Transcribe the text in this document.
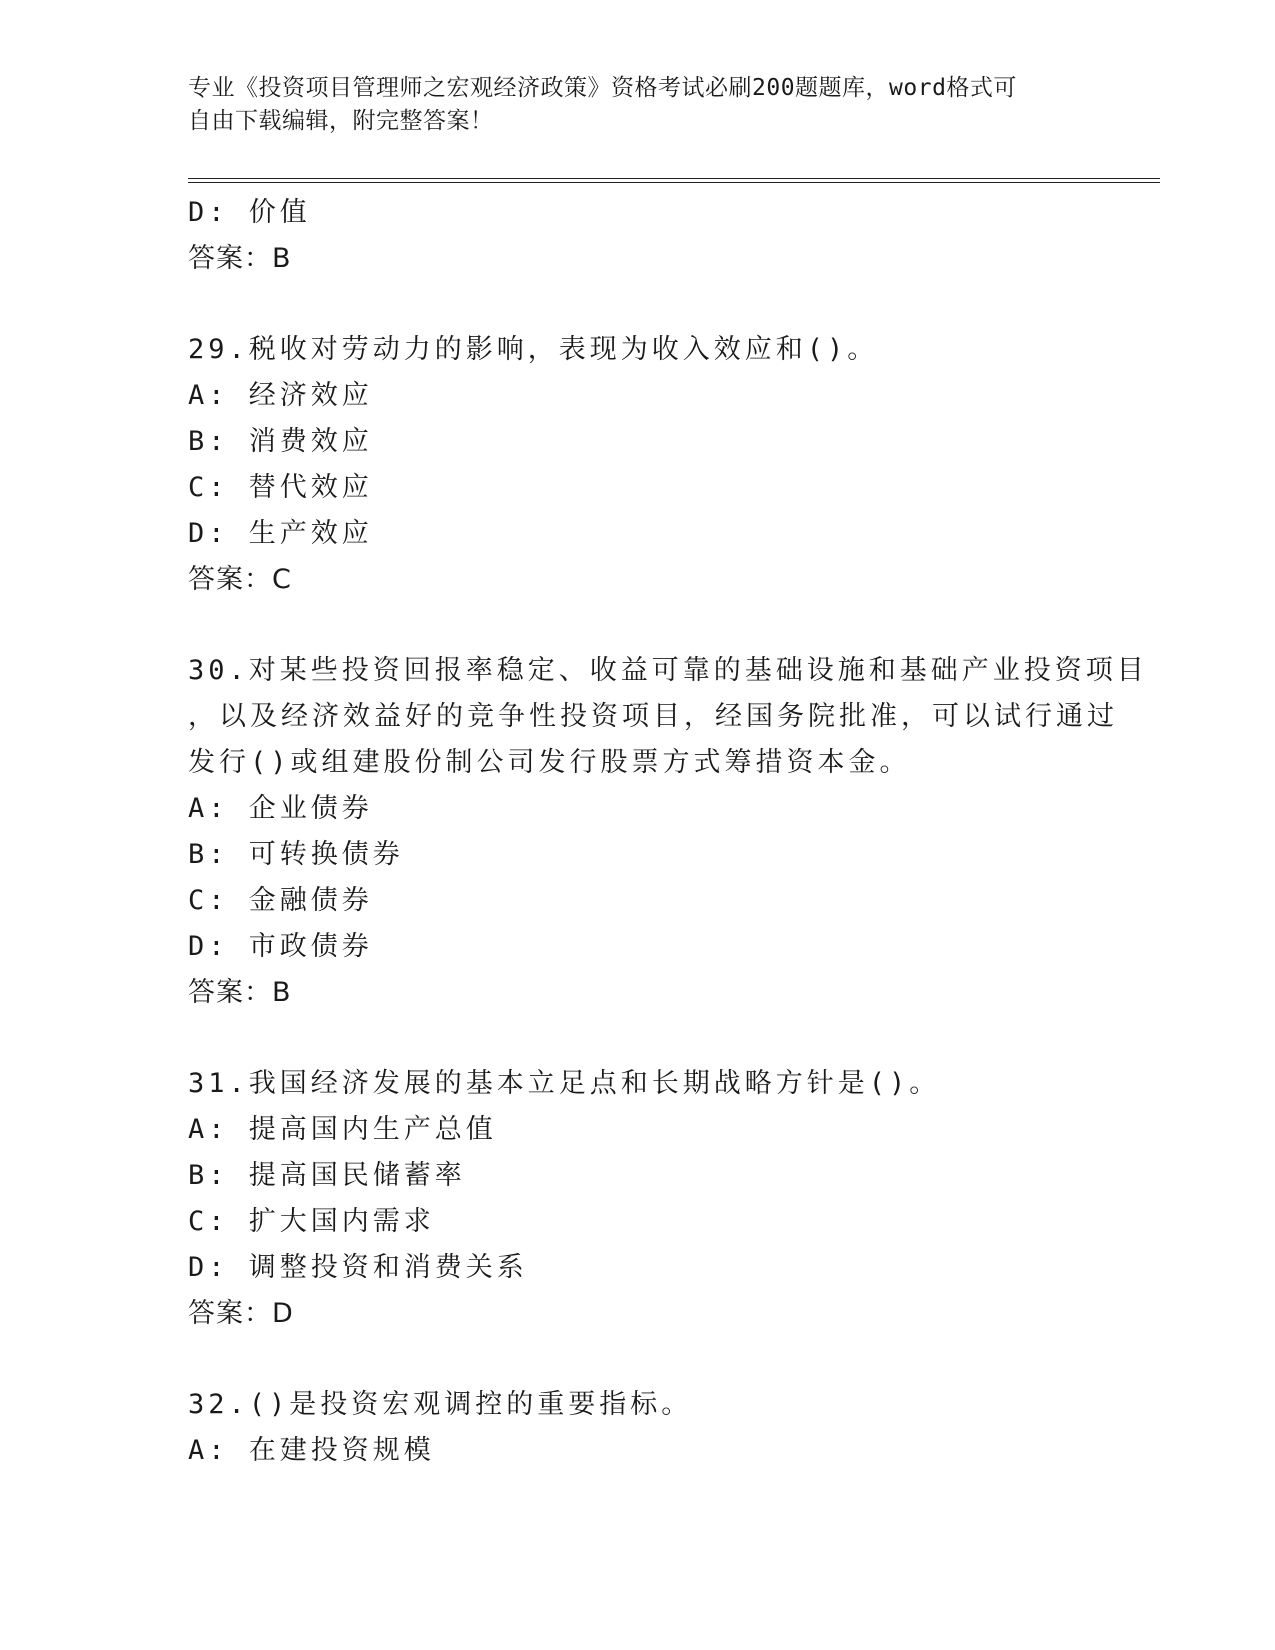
专业《投资项目管理师之宏观经济政策》资格考试必刷200题题库，word格式可
自由下载编辑，附完整答案！
D: 价值
答案：B
29.税收对劳动力的影响，表现为收入效应和()。
A: 经济效应
B: 消费效应
C: 替代效应
D: 生产效应
答案：C
30.对某些投资回报率稳定、收益可靠的基础设施和基础产业投资项目
，以及经济效益好的竞争性投资项目，经国务院批准，可以试行通过
发行()或组建股份制公司发行股票方式筹措资本金。
A: 企业债券
B: 可转换债券
C: 金融债券
D: 市政债券
答案：B
31.我国经济发展的基本立足点和长期战略方针是()。
A: 提高国内生产总值
B: 提高国民储蓄率
C: 扩大国内需求
D: 调整投资和消费关系
答案：D
32.()是投资宏观调控的重要指标。
A: 在建投资规模
